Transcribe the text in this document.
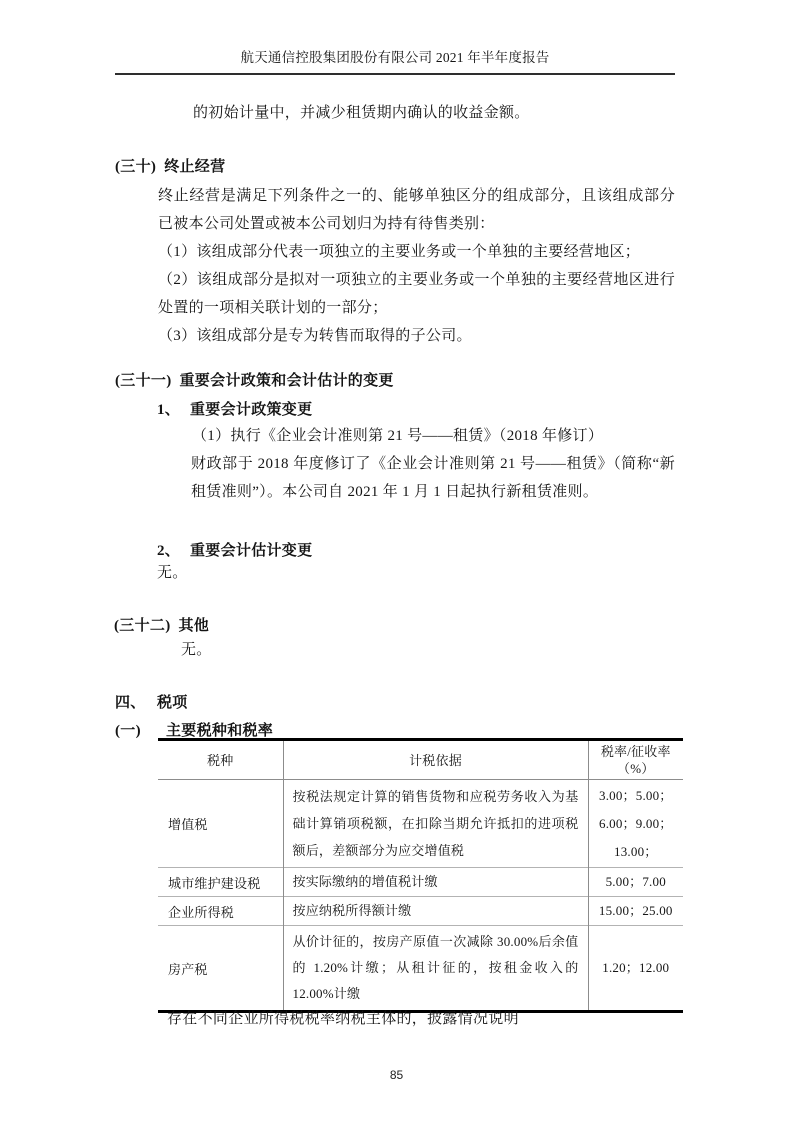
航天通信控股集团股份有限公司 2021 年半年度报告
的初始计量中，并减少租赁期内确认的收益金额。
(三十) 终止经营
终止经营是满足下列条件之一的、能够单独区分的组成部分，且该组成部分已被本公司处置或被本公司划归为持有待售类别：
（1）该组成部分代表一项独立的主要业务或一个单独的主要经营地区；
（2）该组成部分是拟对一项独立的主要业务或一个单独的主要经营地区进行处置的一项相关联计划的一部分；
（3）该组成部分是专为转售而取得的子公司。
(三十一) 重要会计政策和会计估计的变更
1、 重要会计政策变更
（1）执行《企业会计准则第 21 号——租赁》（2018 年修订）
财政部于 2018 年度修订了《企业会计准则第 21 号——租赁》（简称“新租赁准则”）。本公司自 2021 年 1 月 1 日起执行新租赁准则。
2、 重要会计估计变更
无。
(三十二) 其他
无。
四、 税项
(一) 主要税种和税率
税种	计税依据	税率/征收率
（%）

增值税	按税法规定计算的销售货物和应税劳务收入为基础计算销项税额，在扣除当期允许抵扣的进项税额后，差额部分为应交增值税	3.00；5.00；
6.00；9.00；
13.00；

城市维护建设税	按实际缴纳的增值税计缴	5.00；7.00

企业所得税	按应纳税所得额计缴	15.00；25.00

房产税	从价计征的，按房产原值一次减除 30.00%后余值的 1.20%计缴；从租计征的，按租金收入的 12.00%计缴	1.20；12.00
存在不同企业所得税税率纳税主体的，披露情况说明
85
